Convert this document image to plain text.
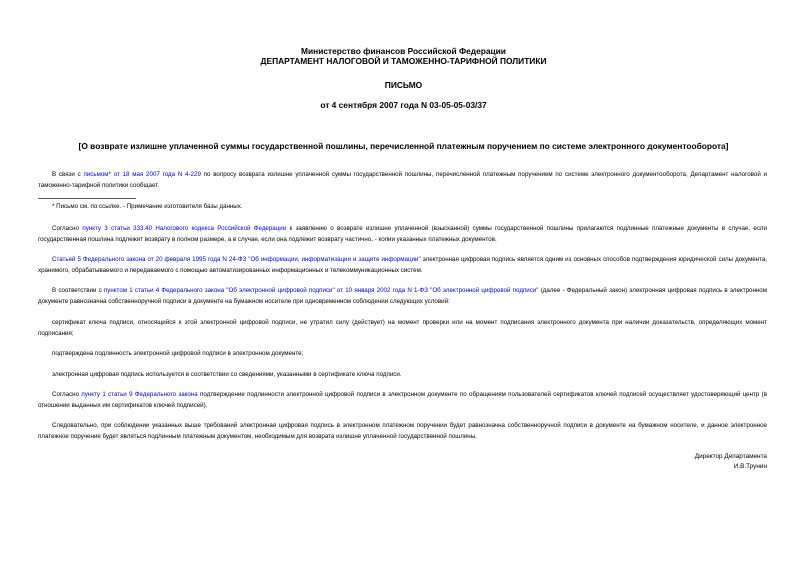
Министерство финансов Российской Федерации
ДЕПАРТАМЕНТ НАЛОГОВОЙ И ТАМОЖЕННО-ТАРИФНОЙ ПОЛИТИКИ
ПИСЬМО
от 4 сентября 2007 года N 03-05-05-03/37
[О возврате излишне уплаченной суммы государственной пошлины, перечисленной платежным поручением по системе электронного документооборота]

В связи с письмом* от 18 мая 2007 года N 4-229 по вопросу возврата излишне уплаченной суммы государственной пошлины, перечисленной платежным поручением по системе электронного документооборота, Департамент налоговой и таможенно-тарифной политики сообщает.

* Письмо см. по ссылке. - Примечание изготовителя базы данных.

Согласно пункту 3 статьи 333.40 Налогового кодекса Российской Федерации к заявлению о возврате излишне уплаченной (взысканной) суммы государственной пошлины прилагаются подлинные платежные документы в случае, если государственная пошлина подлежит возврату в полном размере, а в случае, если она подлежит возврату частично, - копии указанных платежных документов.

Статьей 5 Федерального закона от 20 февраля 1995 года N 24-ФЗ "Об информации, информатизации и защите информации" электронная цифровая подпись является одним из основных способов подтверждения юридической силы документа, хранимого, обрабатываемого и передаваемого с помощью автоматизированных информационных и телекоммуникационных систем.

В соответствии с пунктом 1 статьи 4 Федерального закона "Об электронной цифровой подписи" от 10 января 2002 года N 1-ФЗ "Об электронной цифровой подписи" (далее - Федеральный закон) электронная цифровая подпись в электронном документе равнозначна собственноручной подписи в документе на бумажном носителе при одновременном соблюдении следующих условий:

сертификат ключа подписи, относящийся к этой электронной цифровой подписи, не утратил силу (действует) на момент проверки или на момент подписания электронного документа при наличии доказательств, определяющих момент подписания;

подтверждена подлинность электронной цифровой подписи в электронном документе;

электронная цифровая подпись используется в соответствии со сведениями, указанными в сертификате ключа подписи.

Согласно пункту 1 статьи 9 Федерального закона подтверждение подлинности электронной цифровой подписи в электронном документе по обращениям пользователей сертификатов ключей подписей осуществляет удостоверяющий центр (в отношении выданных им сертификатов ключей подписей).

Следовательно, при соблюдении указанных выше требований электронная цифровая подпись в электронном платежном поручении будет равнозначна собственноручной подписи в документе на бумажном носителе, и данное электронное платежное поручение будет являться подлинным платежным документом, необходимым для возврата излишне уплаченной государственной пошлины.

Директор Департамента
И.В.Трунин
